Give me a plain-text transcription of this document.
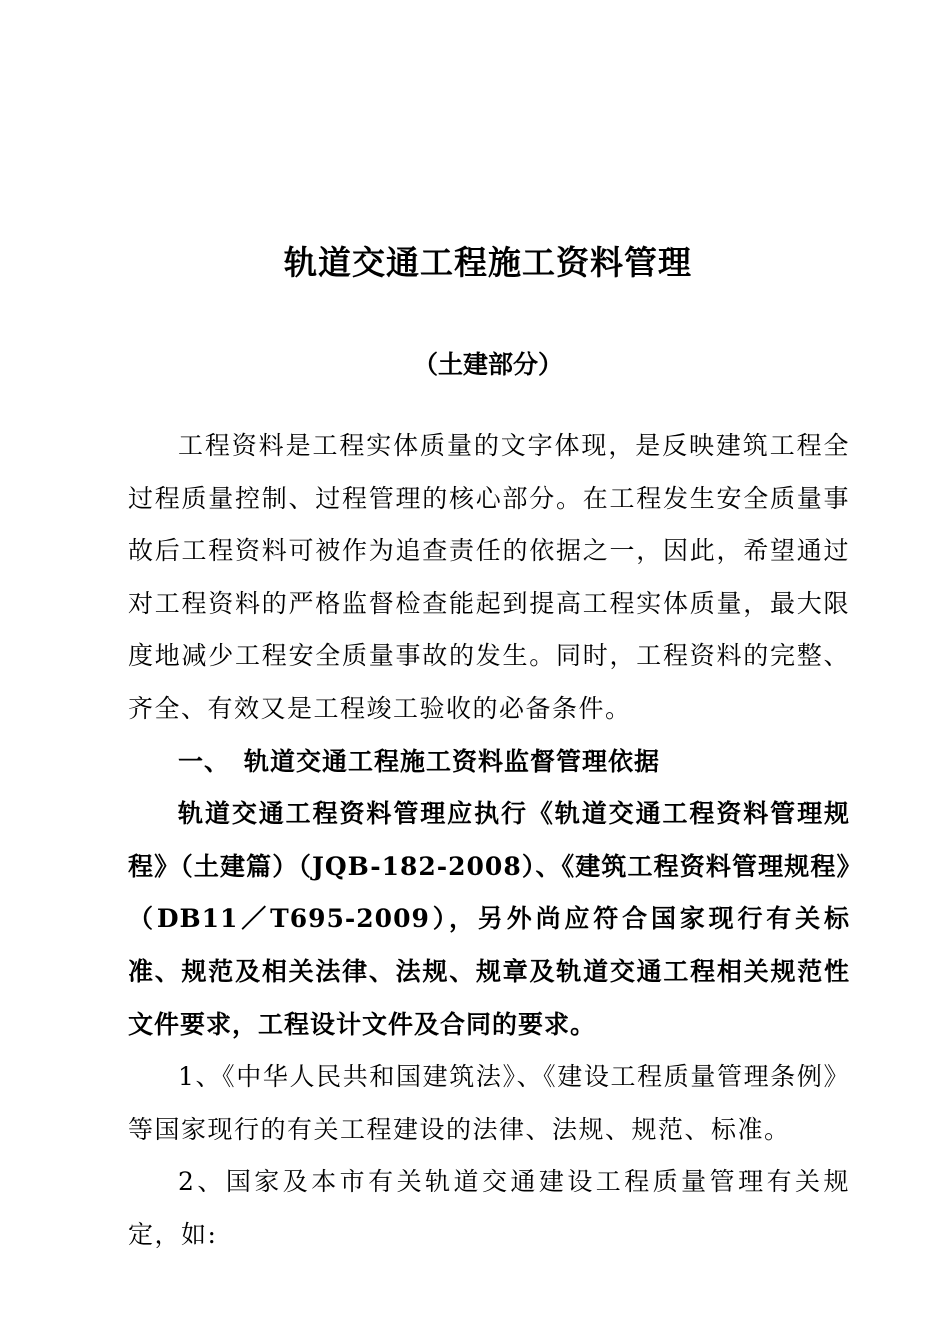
轨道交通工程施工资料管理
（土建部分）

工程资料是工程实体质量的文字体现，是反映建筑工程全过程质量控制、过程管理的核心部分。在工程发生安全质量事故后工程资料可被作为追查责任的依据之一，因此，希望通过对工程资料的严格监督检查能起到提高工程实体质量，最大限度地减少工程安全质量事故的发生。同时，工程资料的完整、齐全、有效又是工程竣工验收的必备条件。

一、 轨道交通工程施工资料监督管理依据

轨道交通工程资料管理应执行《轨道交通工程资料管理规程》（土建篇）（JQB-182-2008）、《建筑工程资料管理规程》（DB11／T695-2009），另外尚应符合国家现行有关标准、规范及相关法律、法规、规章及轨道交通工程相关规范性文件要求，工程设计文件及合同的要求。

1、《中华人民共和国建筑法》、《建设工程质量管理条例》等国家现行的有关工程建设的法律、法规、规范、标准。

2、国家及本市有关轨道交通建设工程质量管理有关规定，如:
